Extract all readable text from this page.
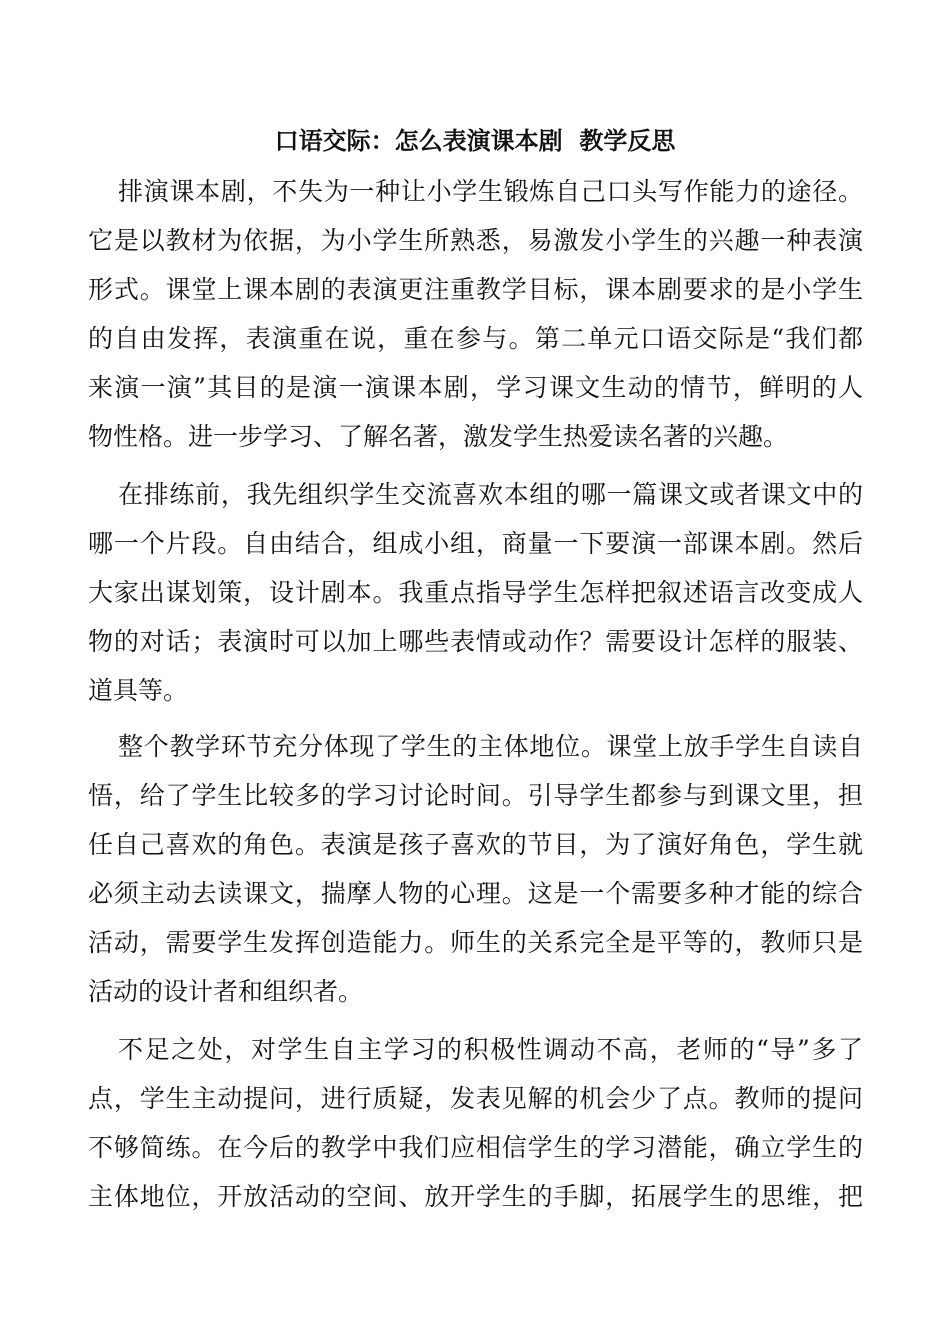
口语交际：怎么表演课本剧  教学反思
排演课本剧，不失为一种让小学生锻炼自己口头写作能力的途径。
它是以教材为依据，为小学生所熟悉，易激发小学生的兴趣一种表演
形式。课堂上课本剧的表演更注重教学目标，课本剧要求的是小学生
的自由发挥，表演重在说，重在参与。第二单元口语交际是“我们都
来演一演”其目的是演一演课本剧，学习课文生动的情节，鲜明的人
物性格。进一步学习、了解名著，激发学生热爱读名著的兴趣。
在排练前，我先组织学生交流喜欢本组的哪一篇课文或者课文中的
哪一个片段。自由结合，组成小组，商量一下要演一部课本剧。然后
大家出谋划策，设计剧本。我重点指导学生怎样把叙述语言改变成人
物的对话；表演时可以加上哪些表情或动作？需要设计怎样的服装、
道具等。
整个教学环节充分体现了学生的主体地位。课堂上放手学生自读自
悟，给了学生比较多的学习讨论时间。引导学生都参与到课文里，担
任自己喜欢的角色。表演是孩子喜欢的节目，为了演好角色，学生就
必须主动去读课文，揣摩人物的心理。这是一个需要多种才能的综合
活动，需要学生发挥创造能力。师生的关系完全是平等的，教师只是
活动的设计者和组织者。
不足之处，对学生自主学习的积极性调动不高，老师的“导”多了
点，学生主动提问，进行质疑，发表见解的机会少了点。教师的提问
不够简练。在今后的教学中我们应相信学生的学习潜能，确立学生的
主体地位，开放活动的空间、放开学生的手脚，拓展学生的思维，把
